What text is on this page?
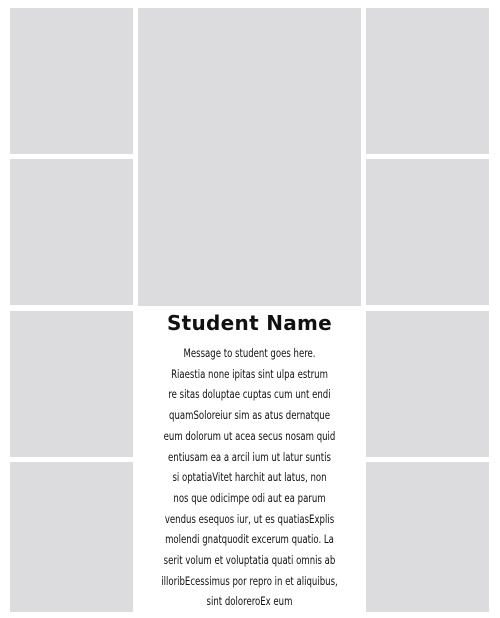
Student Name
Message to student goes here.
Riaestia none ipitas sint ulpa estrum
re sitas doluptae cuptas cum unt endi
quamSoloreiur sim as atus dernatque
eum dolorum ut acea secus nosam quid
entiusam ea a arcil ium ut latur suntis
si optatiaVitet harchit aut latus, non
nos que odicimpe odi aut ea parum
vendus esequos iur, ut es quatiasExplis
molendi gnatquodit excerum quatio. La
serit volum et voluptatia quati omnis ab
illoribEcessimus por repro in et aliquibus,
sint doloreroEx eum
